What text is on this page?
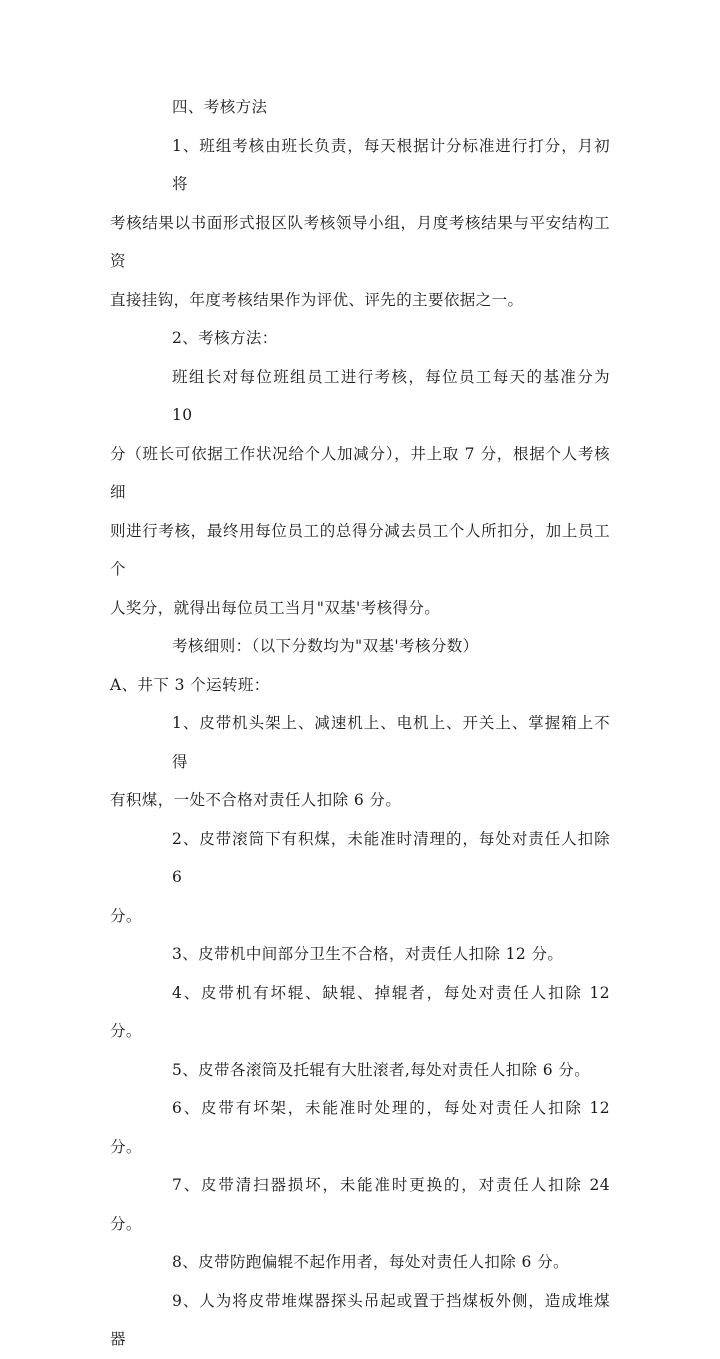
四、考核方法

1、班组考核由班长负责，每天根据计分标准进行打分，月初将
考核结果以书面形式报区队考核领导小组，月度考核结果与平安结构工资
直接挂钩，年度考核结果作为评优、评先的主要依据之一。

2、考核方法：

班组长对每位班组员工进行考核，每位员工每天的基准分为 10
分（班长可依据工作状况给个人加减分），井上取 7 分，根据个人考核细
则进行考核，最终用每位员工的总得分减去员工个人所扣分，加上员工个
人奖分，就得出每位员工当月"双基'考核得分。

考核细则：（以下分数均为"双基'考核分数）

A、井下 3 个运转班：

1、皮带机头架上、减速机上、电机上、开关上、掌握箱上不得
有积煤，一处不合格对责任人扣除 6 分。

2、皮带滚筒下有积煤，未能准时清理的，每处对责任人扣除 6
分。

3、皮带机中间部分卫生不合格，对责任人扣除 12 分。

4、皮带机有坏辊、缺辊、掉辊者，每处对责任人扣除 12 分。

5、皮带各滚筒及托辊有大肚滚者,每处对责任人扣除 6 分。

6、皮带有坏架，未能准时处理的，每处对责任人扣除 12 分。

7、皮带清扫器损坏，未能准时更换的，对责任人扣除 24 分。

8、皮带防跑偏辊不起作用者，每处对责任人扣除 6 分。

9、人为将皮带堆煤器探头吊起或置于挡煤板外侧，造成堆煤器
